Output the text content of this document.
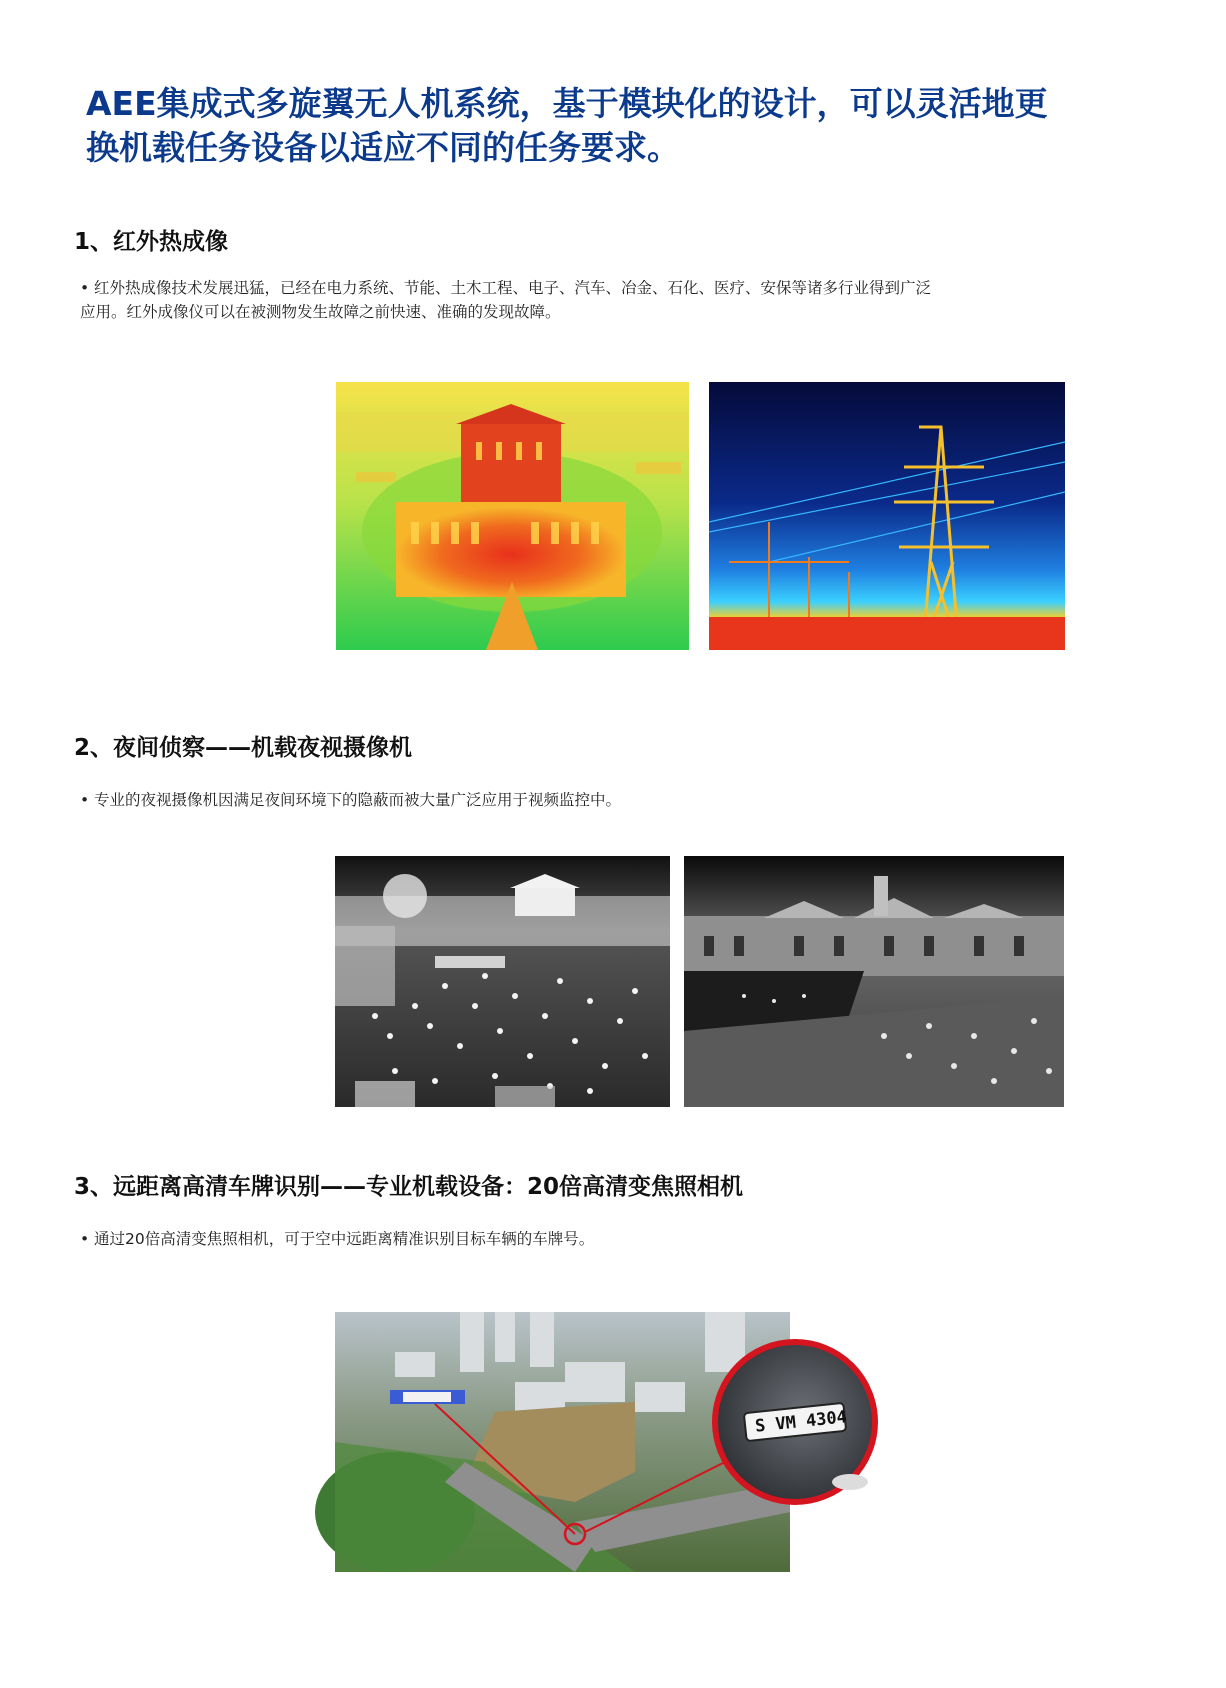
AEE集成式多旋翼无人机系统，基于模块化的设计，可以灵活地更
换机载任务设备以适应不同的任务要求。
1、红外热成像
• 红外热成像技术发展迅猛，已经在电力系统、节能、土木工程、电子、汽车、冶金、石化、医疗、安保等诸多行业得到广泛
应用。红外成像仪可以在被测物发生故障之前快速、准确的发现故障。
2、夜间侦察——机载夜视摄像机
• 专业的夜视摄像机因满足夜间环境下的隐蔽而被大量广泛应用于视频监控中。
3、远距离高清车牌识别——专业机载设备：20倍高清变焦照相机
• 通过20倍高清变焦照相机，可于空中远距离精准识别目标车辆的车牌号。
S VM 4304
